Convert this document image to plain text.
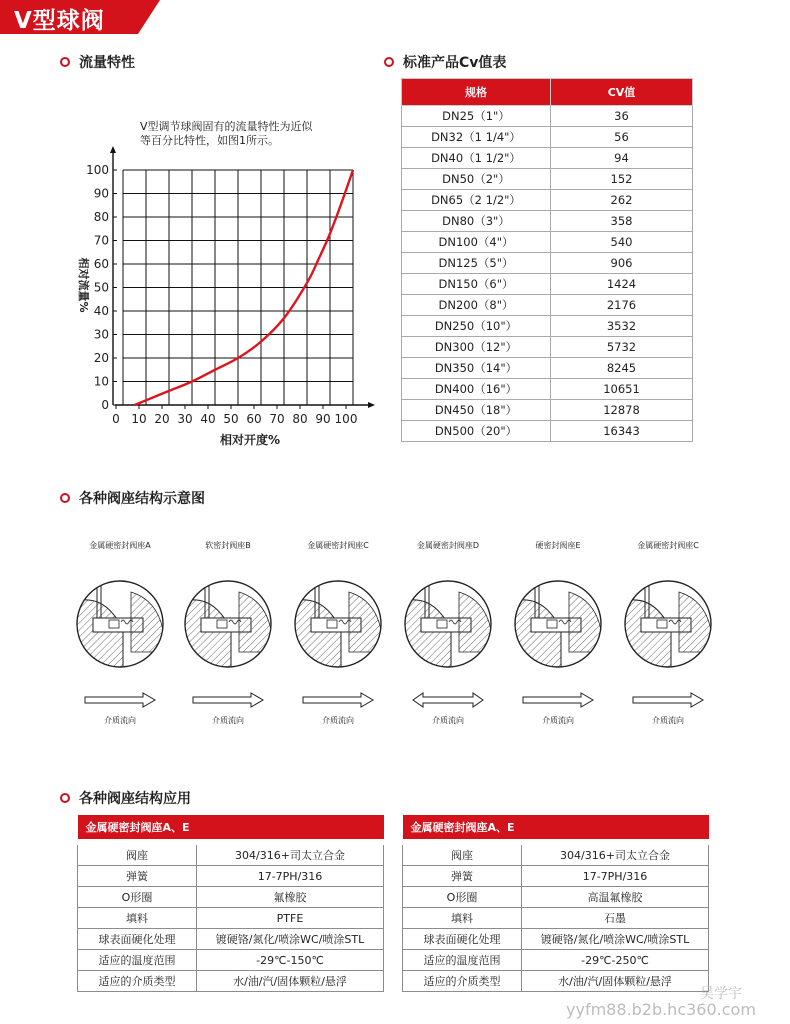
V型球阀
流量特性	标准产品Cv值表
各种阀座结构示意图
各种阀座结构应用
0 10 20 30 40 50 60 70 80 90 100
0
10
20
30
40
50
60
70
80
90
100
V型调节球阀固有的流量特性为近似
等百分比特性，如图1所示。
相对开度%
相对流量%
规格	CV值
DN25（1"）	36
DN32（1 1/4"）	56
DN40（1 1/2"）	94
DN50（2"）	152
DN65（2 1/2"）	262
DN80（3"）	358
DN100（4"）	540
DN125（5"）	906
DN150（6"）	1424
DN200（8"）	2176
DN250（10"）	3532
DN300（12"）	5732
DN350（14"）	8245
DN400（16"）	10651
DN450（18"）	12878
DN500（20"）	16343
金属硬密封阀座A
介质流向
软密封阀座B
介质流向
金属硬密封阀座C
介质流向
金属硬密封阀座D
介质流向
硬密封阀座E
介质流向
金属硬密封阀座C
介质流向
金属硬密封阀座A、E	
阀座	304/316+司太立合金
弹簧	17-7PH/316
O形圈	氟橡胶
填料	PTFE
球表面硬化处理	镀硬铬/氮化/喷涂WC/喷涂STL
适应的温度范围	-29℃-150℃
适应的介质类型	水/油/汽/固体颗粒/悬浮
金属硬密封阀座A、E	
阀座	304/316+司太立合金
弹簧	17-7PH/316
O形圈	高温氟橡胶
填料	石墨
球表面硬化处理	镀硬铬/氮化/喷涂WC/喷涂STL
适应的温度范围	-29℃-250℃
适应的介质类型	水/油/汽/固体颗粒/悬浮
吴学宇
yyfm88.b2b.hc360.com
